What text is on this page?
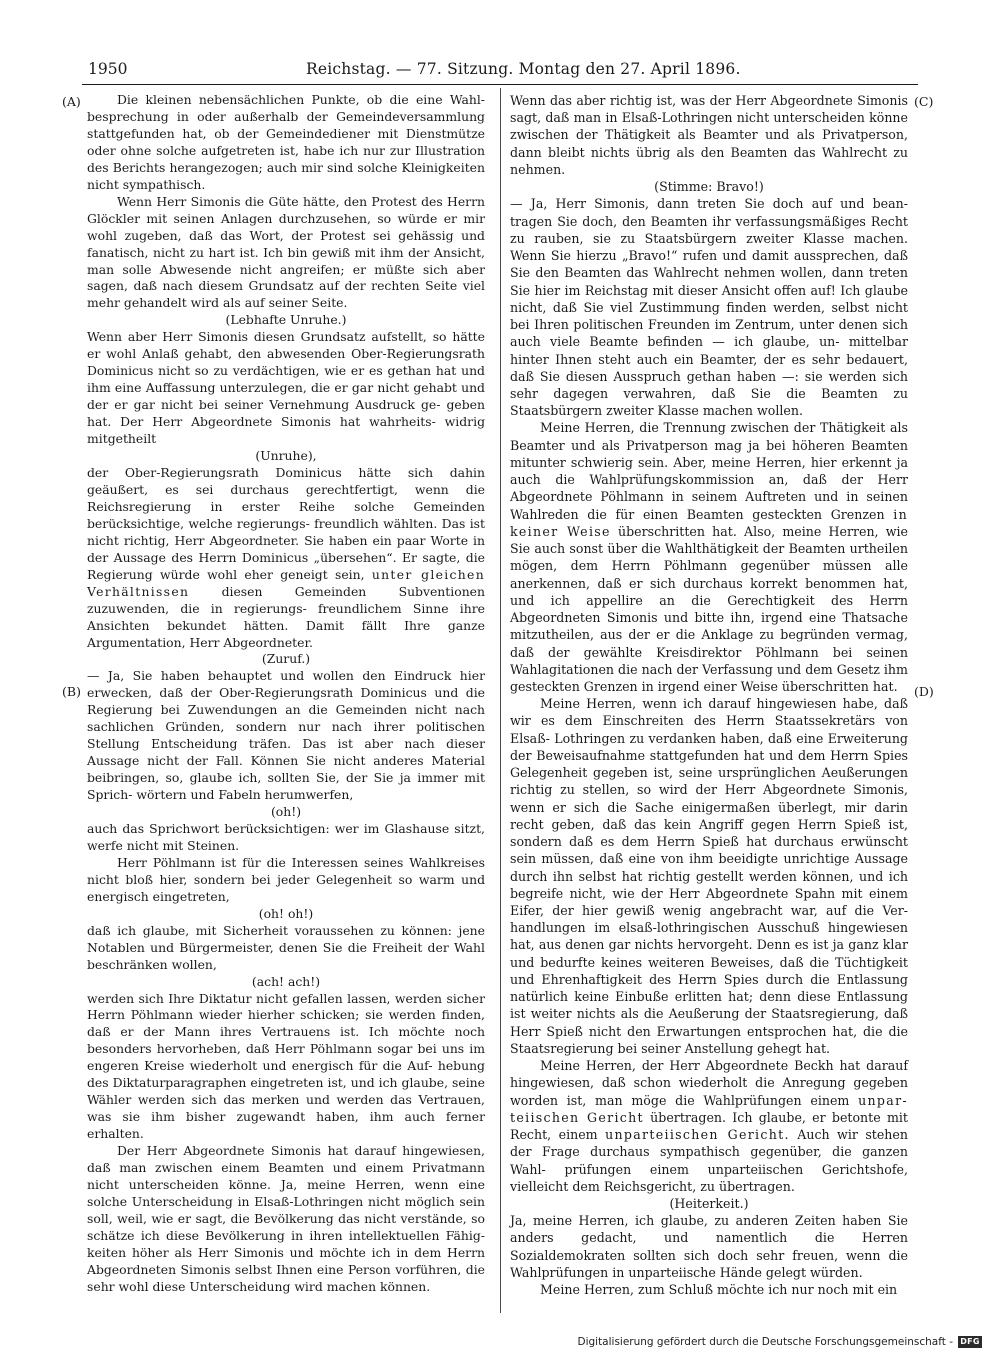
1950	Reichstag. — 77. Sitzung. Montag den 27. April 1896.
(A)
(B)
(C)
(D)

Die kleinen nebensächlichen Punkte, ob die eine Wahl- besprechung in oder außerhalb der Gemeindeversammlung stattgefunden hat, ob der Gemeindediener mit Dienstmütze oder ohne solche aufgetreten ist, habe ich nur zur Illustration des Berichts herangezogen; auch mir sind solche Kleinigkeiten nicht sympathisch.

Wenn Herr Simonis die Güte hätte, den Protest des Herrn Glöckler mit seinen Anlagen durchzusehen, so würde er mir wohl zugeben, daß das Wort, der Protest sei gehässig und fanatisch, nicht zu hart ist. Ich bin gewiß mit ihm der Ansicht, man solle Abwesende nicht angreifen; er müßte sich aber sagen, daß nach diesem Grundsatz auf der rechten Seite viel mehr gehandelt wird als auf seiner Seite.

(Lebhafte Unruhe.)

Wenn aber Herr Simonis diesen Grundsatz aufstellt, so hätte er wohl Anlaß gehabt, den abwesenden Ober-Regierungsrath Dominicus nicht so zu verdächtigen, wie er es gethan hat und ihm eine Auffassung unterzulegen, die er gar nicht gehabt und der er gar nicht bei seiner Vernehmung Ausdruck ge- geben hat. Der Herr Abgeordnete Simonis hat wahrheits- widrig mitgetheilt

(Unruhe),

der Ober-Regierungsrath Dominicus hätte sich dahin geäußert, es sei durchaus gerechtfertigt, wenn die Reichsregierung in erster Reihe solche Gemeinden berücksichtige, welche regierungs- freundlich wählten. Das ist nicht richtig, Herr Abgeordneter. Sie haben ein paar Worte in der Aussage des Herrn Dominicus „übersehen“. Er sagte, die Regierung würde wohl eher geneigt sein, unter gleichen Verhältnissen	diesen Gemeinden Subventionen zuzuwenden, die in regierungs- freundlichem Sinne ihre Ansichten bekundet hätten. Damit fällt Ihre ganze Argumentation, Herr Abgeordneter.

(Zuruf.)

— Ja, Sie haben behauptet und wollen den Eindruck hier erwecken, daß der Ober-Regierungsrath Dominicus und die Regierung bei Zuwendungen an die Gemeinden nicht nach sachlichen Gründen, sondern nur nach ihrer politischen Stellung Entscheidung träfen. Das ist aber nach dieser Aussage nicht der Fall. Können Sie nicht anderes Material beibringen, so, glaube ich, sollten Sie, der Sie ja immer mit Sprich- wörtern und Fabeln herumwerfen,

(oh!)

auch das Sprichwort berücksichtigen: wer im Glashause sitzt, werfe nicht mit Steinen.

Herr Pöhlmann ist für die Interessen seines Wahlkreises nicht bloß hier, sondern bei jeder Gelegenheit so warm und energisch eingetreten,

(oh! oh!)

daß ich glaube, mit Sicherheit voraussehen zu können: jene Notablen und Bürgermeister, denen Sie die Freiheit der Wahl beschränken wollen,

(ach! ach!)

werden sich Ihre Diktatur nicht gefallen lassen, werden sicher Herrn Pöhlmann wieder hierher schicken; sie werden finden, daß er der Mann ihres Vertrauens ist. Ich möchte noch besonders hervorheben, daß Herr Pöhlmann sogar bei uns im engeren Kreise wiederholt und energisch für die Auf- hebung des Diktaturparagraphen eingetreten ist, und ich glaube, seine Wähler werden sich das merken und werden das Vertrauen, was sie ihm bisher zugewandt haben, ihm auch ferner erhalten.

Der Herr Abgeordnete Simonis hat darauf hingewiesen, daß man zwischen einem Beamten und einem Privatmann nicht unterscheiden könne. Ja, meine Herren, wenn eine solche Unterscheidung in Elsaß-Lothringen nicht möglich sein soll, weil, wie er sagt, die Bevölkerung das nicht verstände, so schätze ich diese Bevölkerung in ihren intellektuellen Fähig- keiten höher als Herr Simonis und möchte ich in dem Herrn Abgeordneten Simonis selbst Ihnen eine Person vorführen, die sehr wohl diese Unterscheidung wird machen können.

Wenn das aber richtig ist, was der Herr Abgeordnete Simonis sagt, daß man in Elsaß-Lothringen nicht unterscheiden könne zwischen der Thätigkeit als Beamter und als Privatperson, dann bleibt nichts übrig als den Beamten das Wahlrecht zu nehmen.

(Stimme: Bravo!)

— Ja, Herr Simonis, dann treten Sie doch auf und bean- tragen Sie doch, den Beamten ihr verfassungsmäßiges Recht zu rauben, sie zu Staatsbürgern zweiter Klasse machen. Wenn Sie hierzu „Bravo!“ rufen und damit aussprechen, daß Sie den Beamten das Wahlrecht nehmen wollen, dann treten Sie hier im Reichstag mit dieser Ansicht offen auf! Ich glaube nicht, daß Sie viel Zustimmung finden werden, selbst nicht bei Ihren politischen Freunden im Zentrum, unter denen sich auch viele Beamte befinden — ich glaube, un- mittelbar hinter Ihnen steht auch ein Beamter, der es sehr bedauert, daß Sie diesen Ausspruch gethan haben —: sie werden sich sehr dagegen verwahren, daß Sie die Beamten zu Staatsbürgern zweiter Klasse machen wollen.

Meine Herren, die Trennung zwischen der Thätigkeit als Beamter und als Privatperson mag ja bei höheren Beamten mitunter schwierig sein. Aber, meine Herren, hier erkennt ja auch die Wahlprüfungskommission an, daß der Herr Abgeordnete Pöhlmann in seinem Auftreten und in seinen Wahlreden die für einen Beamten gesteckten Grenzen in keiner Weise überschritten hat. Also, meine Herren, wie Sie auch sonst über die Wahlthätigkeit der Beamten urtheilen mögen, dem Herrn Pöhlmann gegenüber müssen alle anerkennen, daß er sich durchaus korrekt benommen hat, und ich appellire an die Gerechtigkeit des Herrn Abgeordneten Simonis und bitte ihn, irgend eine Thatsache mitzutheilen, aus der er die Anklage zu begründen vermag, daß der gewählte Kreisdirektor Pöhlmann bei seinen Wahlagitationen die nach der Verfassung und dem Gesetz ihm gesteckten Grenzen in irgend einer Weise überschritten hat.

Meine Herren, wenn ich darauf hingewiesen habe, daß wir es dem Einschreiten des Herrn Staatssekretärs von Elsaß- Lothringen zu verdanken haben, daß eine Erweiterung der Beweisaufnahme stattgefunden hat und dem Herrn Spies Gelegenheit gegeben ist, seine ursprünglichen Aeußerungen richtig zu stellen, so wird der Herr Abgeordnete Simonis, wenn er sich die Sache einigermaßen überlegt, mir darin recht geben, daß das kein Angriff gegen Herrn Spieß ist, sondern daß es dem Herrn Spieß hat durchaus erwünscht sein müssen, daß eine von ihm beeidigte unrichtige Aussage durch ihn selbst hat richtig gestellt werden können, und ich begreife nicht, wie der Herr Abgeordnete Spahn mit einem Eifer, der hier gewiß wenig angebracht war, auf die Ver- handlungen im elsaß-lothringischen Ausschuß hingewiesen hat, aus denen gar nichts hervorgeht. Denn es ist ja ganz klar und bedurfte keines weiteren Beweises, daß die Tüchtigkeit und Ehrenhaftigkeit des Herrn Spies durch die Entlassung natürlich keine Einbuße erlitten hat; denn diese Entlassung ist weiter nichts als die Aeußerung der Staatsregierung, daß Herr Spieß nicht den Erwartungen entsprochen hat, die die Staatsregierung bei seiner Anstellung gehegt hat.

Meine Herren, der Herr Abgeordnete Beckh hat darauf hingewiesen, daß schon wiederholt die Anregung gegeben worden ist, man möge die Wahlprüfungen einem unpar- teiischen Gericht übertragen. Ich glaube, er betonte mit Recht, einem unparteiischen Gericht. Auch wir stehen der Frage durchaus sympathisch gegenüber, die ganzen Wahl- prüfungen einem unparteiischen Gerichtshofe, vielleicht dem Reichsgericht, zu übertragen.

(Heiterkeit.)

Ja, meine Herren, ich glaube, zu anderen Zeiten haben Sie anders gedacht, und namentlich die Herren Sozialdemokraten sollten sich doch sehr freuen, wenn die Wahlprüfungen in unparteiische Hände gelegt würden.

Meine Herren, zum Schluß möchte ich nur noch mit ein

Digitalisierung gefördert durch die Deutsche Forschungsgemeinschaft - DFG
